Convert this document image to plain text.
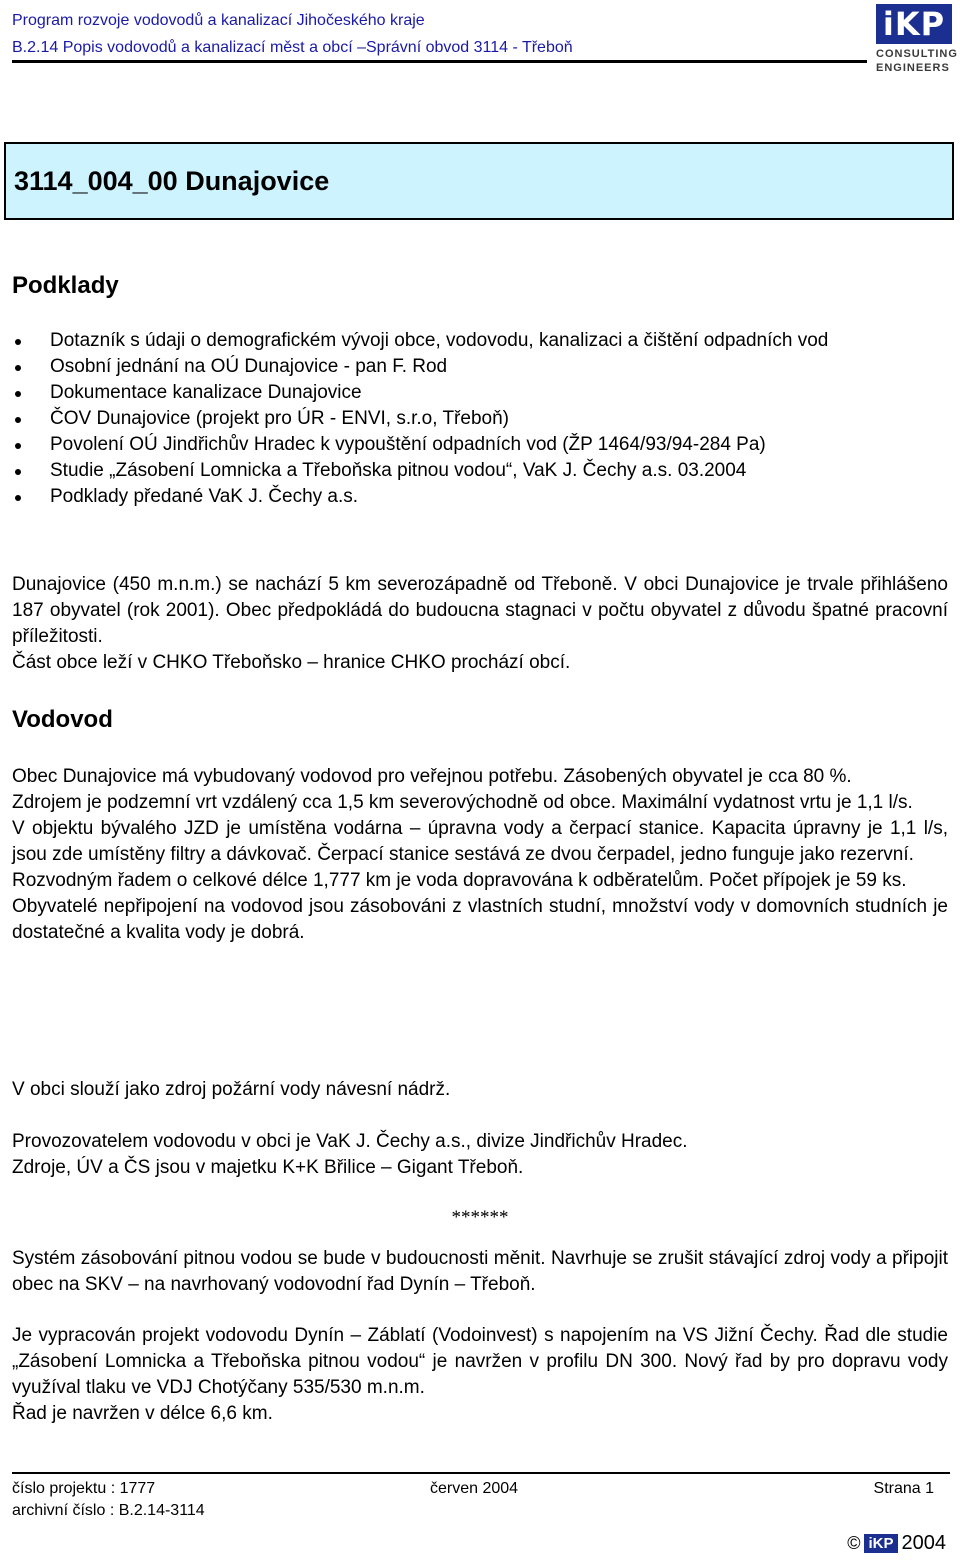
Program rozvoje vodovodů a kanalizací Jihočeského kraje
B.2.14 Popis vodovodů a kanalizací měst a obcí –Správní obvod 3114 - Třeboň
iKP
CONSULTING
ENGINEERS
3114_004_00 Dunajovice
Podklady
Dotazník s údaji o demografickém vývoji obce, vodovodu, kanalizaci a čištění odpadních vod
Osobní jednání na OÚ Dunajovice - pan F. Rod
Dokumentace kanalizace Dunajovice
ČOV Dunajovice (projekt pro ÚR - ENVI, s.r.o, Třeboň)
Povolení OÚ Jindřichův Hradec k vypouštění odpadních vod (ŽP 1464/93/94-284 Pa)
Studie „Zásobení Lomnicka a Třeboňska pitnou vodou“, VaK J. Čechy a.s. 03.2004
Podklady předané VaK J. Čechy a.s.

Dunajovice (450 m.n.m.) se nachází 5 km severozápadně od Třeboně. V obci Dunajovice je trvale přihlášeno 187 obyvatel (rok 2001). Obec předpokládá do budoucna stagnaci v počtu obyvatel z důvodu špatné pracovní příležitosti.

Část obce leží v CHKO Třeboňsko – hranice CHKO prochází obcí.

Vodovod

Obec Dunajovice má vybudovaný vodovod pro veřejnou potřebu. Zásobených obyvatel je cca 80 %.

Zdrojem je podzemní vrt vzdálený cca 1,5 km severovýchodně od obce. Maximální vydatnost vrtu je 1,1 l/s.

V objektu bývalého JZD je umístěna vodárna – úpravna vody a čerpací stanice. Kapacita úpravny je 1,1 l/s, jsou zde umístěny filtry a dávkovač. Čerpací stanice sestává ze dvou čerpadel, jedno funguje jako rezervní.

Rozvodným řadem o celkové délce 1,777 km je voda dopravována k odběratelům. Počet přípojek je 59 ks.

Obyvatelé nepřipojení na vodovod jsou zásobováni z vlastních studní, množství vody v domovních studních je dostatečné a kvalita vody je dobrá.

V obci slouží jako zdroj požární vody návesní nádrž.

Provozovatelem vodovodu v obci je VaK J. Čechy a.s., divize Jindřichův Hradec.

Zdroje, ÚV a ČS jsou v majetku K+K Břilice – Gigant Třeboň.

******
Systém zásobování pitnou vodou se bude v budoucnosti měnit. Navrhuje se zrušit stávající zdroj vody a připojit obec na SKV – na navrhovaný vodovodní řad Dynín – Třeboň.

Je vypracován projekt vodovodu Dynín – Záblatí (Vodoinvest) s napojením na VS Jižní Čechy. Řad dle studie „Zásobení Lomnicka a Třeboňska pitnou vodou“ je navržen v profilu DN 300. Nový řad by pro dopravu vody využíval tlaku ve VDJ Chotýčany 535/530 m.n.m.

Řad je navržen v délce 6,6 km.

číslo projektu : 1777
archivní číslo : B.2.14-3114
červen 2004	Strana 1
© iKP 2004
